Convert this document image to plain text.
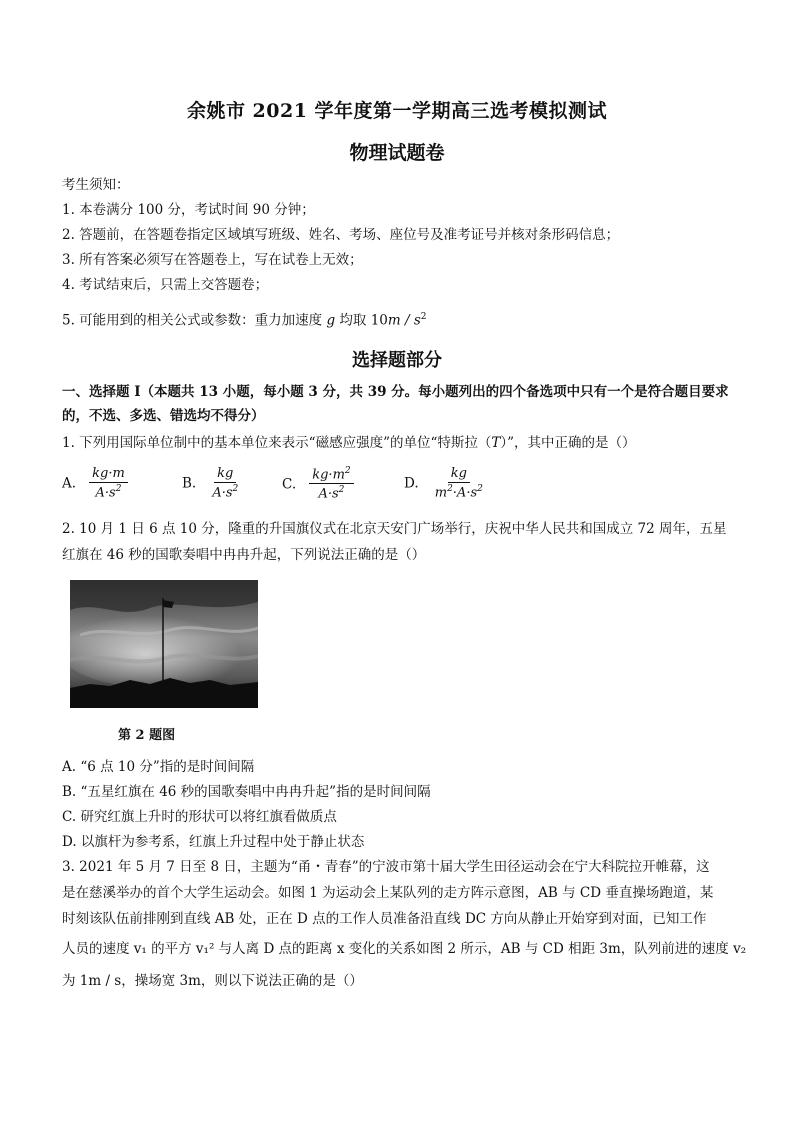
余姚市 2021 学年度第一学期高三选考模拟测试
物理试题卷
考生须知：
1. 本卷满分 100 分，考试时间 90 分钟；
2. 答题前，在答题卷指定区域填写班级、姓名、考场、座位号及准考证号并核对条形码信息；
3. 所有答案必须写在答题卷上，写在试卷上无效；
4. 考试结束后，只需上交答题卷；
5. 可能用到的相关公式或参数：重力加速度 g 均取 $10m / s^2$
选择题部分
一、选择题 I（本题共 13 小题，每小题 3 分，共 39 分。每小题列出的四个备选项中只有一个是符合题目要求
的，不选、多选、错选均不得分）
1. 下列用国际单位制中的基本单位来表示“磁感应强度”的单位“特斯拉（T）”，其中正确的是（）
A. $\frac{kg\cdot m}{A\cdot s^2}$	B. $\frac{kg}{A\cdot s^2}$	C. $\frac{kg\cdot m^2}{A\cdot s^2}$	D. $\frac{kg}{m^2\cdot A\cdot s^2}$
2. 10 月 1 日 6 点 10 分，隆重的升国旗仪式在北京天安门广场举行，庆祝中华人民共和国成立 72 周年，五星
红旗在 46 秒的国歌奏唱中冉冉升起，下列说法正确的是（）
第 2 题图
A. “6 点 10 分”指的是时间间隔
B. “五星红旗在 46 秒的国歌奏唱中冉冉升起”指的是时间间隔
C. 研究红旗上升时的形状可以将红旗看做质点
D. 以旗杆为参考系，红旗上升过程中处于静止状态
3. 2021 年 5 月 7 日至 8 日，主题为“甬・青春”的宁波市第十届大学生田径运动会在宁大科院拉开帷幕，这
是在慈溪举办的首个大学生运动会。如图 1 为运动会上某队列的走方阵示意图，AB 与 CD 垂直操场跑道，某
时刻该队伍前排刚到直线 AB 处，正在 D 点的工作人员准备沿直线 DC 方向从静止开始穿到对面，已知工作
人员的速度 v₁ 的平方 v₁² 与人离 D 点的距离 x 变化的关系如图 2 所示，AB 与 CD 相距 3m，队列前进的速度 v₂
为 1m / s，操场宽 3m，则以下说法正确的是（）
